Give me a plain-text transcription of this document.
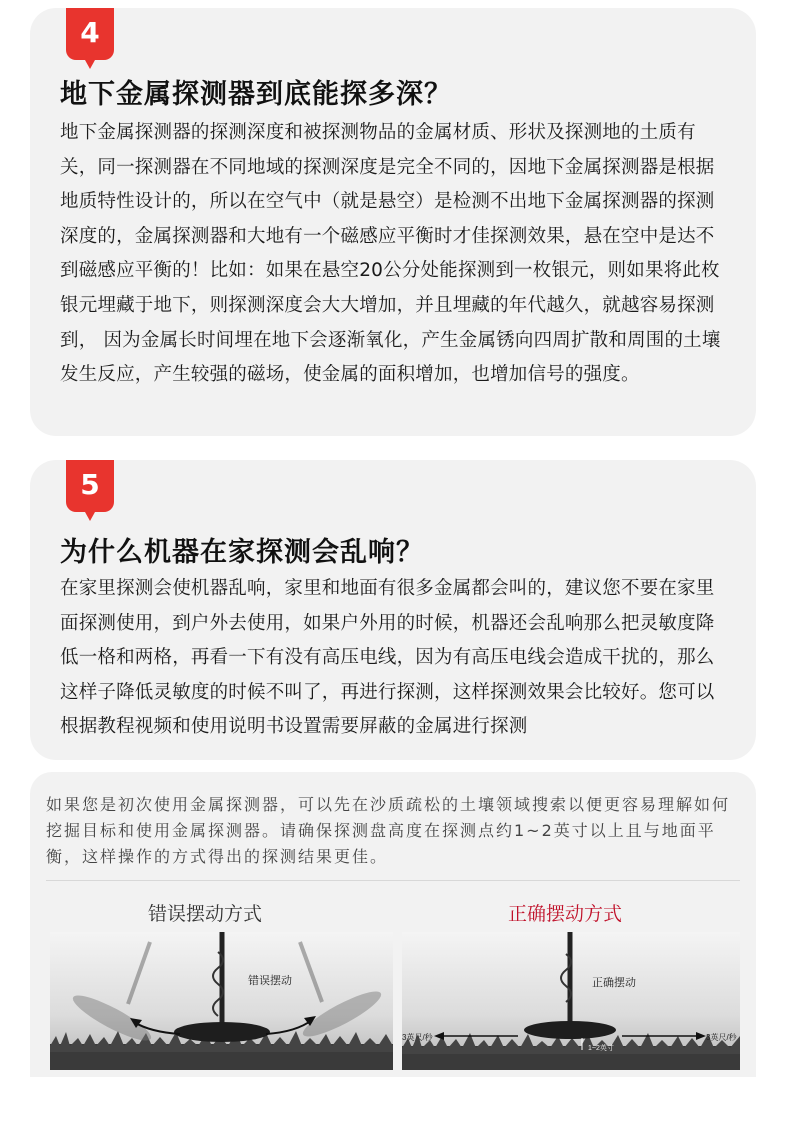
4
地下金属探测器到底能探多深？

地下金属探测器的探测深度和被探测物品的金属材质、形状及探测地的土质有关，同一探测器在不同地域的探测深度是完全不同的，因地下金属探测器是根据地质特性设计的，所以在空气中（就是悬空）是检测不出地下金属探测器的探测深度的，金属探测器和大地有一个磁感应平衡时才佳探测效果，悬在空中是达不到磁感应平衡的！比如：如果在悬空20公分处能探测到一枚银元，则如果将此枚银元埋藏于地下，则探测深度会大大增加，并且埋藏的年代越久，就越容易探测到， 因为金属长时间埋在地下会逐渐氧化，产生金属锈向四周扩散和周围的土壤发生反应，产生较强的磁场，使金属的面积增加，也增加信号的强度。

5
为什么机器在家探测会乱响？

在家里探测会使机器乱响，家里和地面有很多金属都会叫的，建议您不要在家里面探测使用，到户外去使用，如果户外用的时候，机器还会乱响那么把灵敏度降低一格和两格，再看一下有没有高压电线，因为有高压电线会造成干扰的，那么这样子降低灵敏度的时候不叫了，再进行探测，这样探测效果会比较好。您可以根据教程视频和使用说明书设置需要屏蔽的金属进行探测

如果您是初次使用金属探测器，可以先在沙质疏松的土壤领域搜索以便更容易理解如何挖掘目标和使用金属探测器。请确保探测盘高度在探测点约1~2英寸以上且与地面平衡，这样操作的方式得出的探测结果更佳。

错误摆动方式	正确摆动方式
错误摆动	正确摆动
3英尺/秒	3英尺/秒
1~2英寸
